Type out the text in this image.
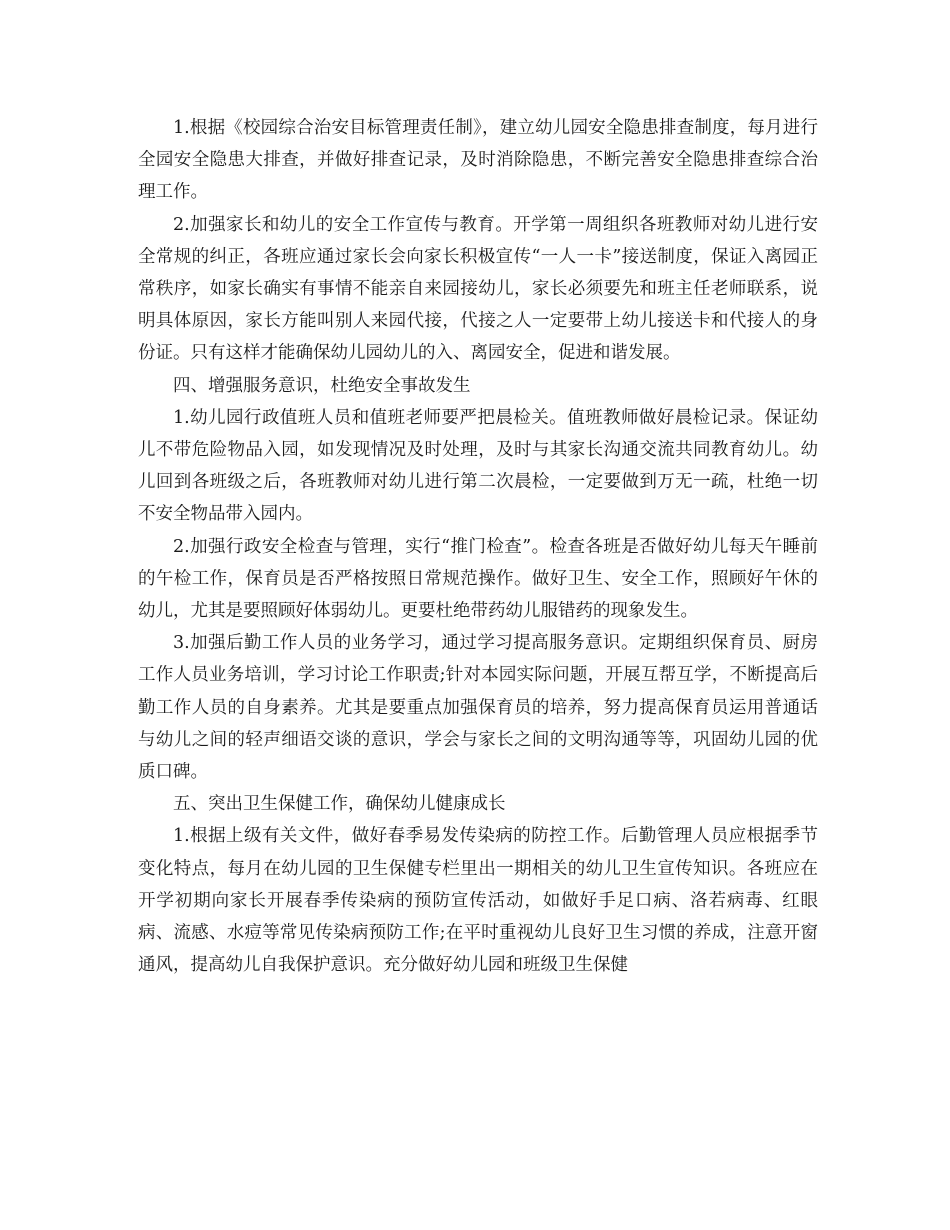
1.根据《校园综合治安目标管理责任制》，建立幼儿园安全隐患排查制度，每月进行全园安全隐患大排查，并做好排查记录，及时消除隐患，不断完善安全隐患排查综合治理工作。

2.加强家长和幼儿的安全工作宣传与教育。开学第一周组织各班教师对幼儿进行安全常规的纠正，各班应通过家长会向家长积极宣传“一人一卡”接送制度，保证入离园正常秩序，如家长确实有事情不能亲自来园接幼儿，家长必须要先和班主任老师联系，说明具体原因，家长方能叫别人来园代接，代接之人一定要带上幼儿接送卡和代接人的身份证。只有这样才能确保幼儿园幼儿的入、离园安全，促进和谐发展。

四、增强服务意识，杜绝安全事故发生

1.幼儿园行政值班人员和值班老师要严把晨检关。值班教师做好晨检记录。保证幼儿不带危险物品入园，如发现情况及时处理，及时与其家长沟通交流共同教育幼儿。幼儿回到各班级之后，各班教师对幼儿进行第二次晨检，一定要做到万无一疏，杜绝一切不安全物品带入园内。

2.加强行政安全检查与管理，实行“推门检查”。检查各班是否做好幼儿每天午睡前的午检工作，保育员是否严格按照日常规范操作。做好卫生、安全工作，照顾好午休的幼儿，尤其是要照顾好体弱幼儿。更要杜绝带药幼儿服错药的现象发生。

3.加强后勤工作人员的业务学习，通过学习提高服务意识。定期组织保育员、厨房工作人员业务培训，学习讨论工作职责;针对本园实际问题，开展互帮互学，不断提高后勤工作人员的自身素养。尤其是要重点加强保育员的培养，努力提高保育员运用普通话与幼儿之间的轻声细语交谈的意识，学会与家长之间的文明沟通等等，巩固幼儿园的优质口碑。

五、突出卫生保健工作，确保幼儿健康成长

1.根据上级有关文件，做好春季易发传染病的防控工作。后勤管理人员应根据季节变化特点，每月在幼儿园的卫生保健专栏里出一期相关的幼儿卫生宣传知识。各班应在开学初期向家长开展春季传染病的预防宣传活动，如做好手足口病、洛若病毒、红眼病、流感、水痘等常见传染病预防工作;在平时重视幼儿良好卫生习惯的养成，注意开窗通风，提高幼儿自我保护意识。充分做好幼儿园和班级卫生保健
